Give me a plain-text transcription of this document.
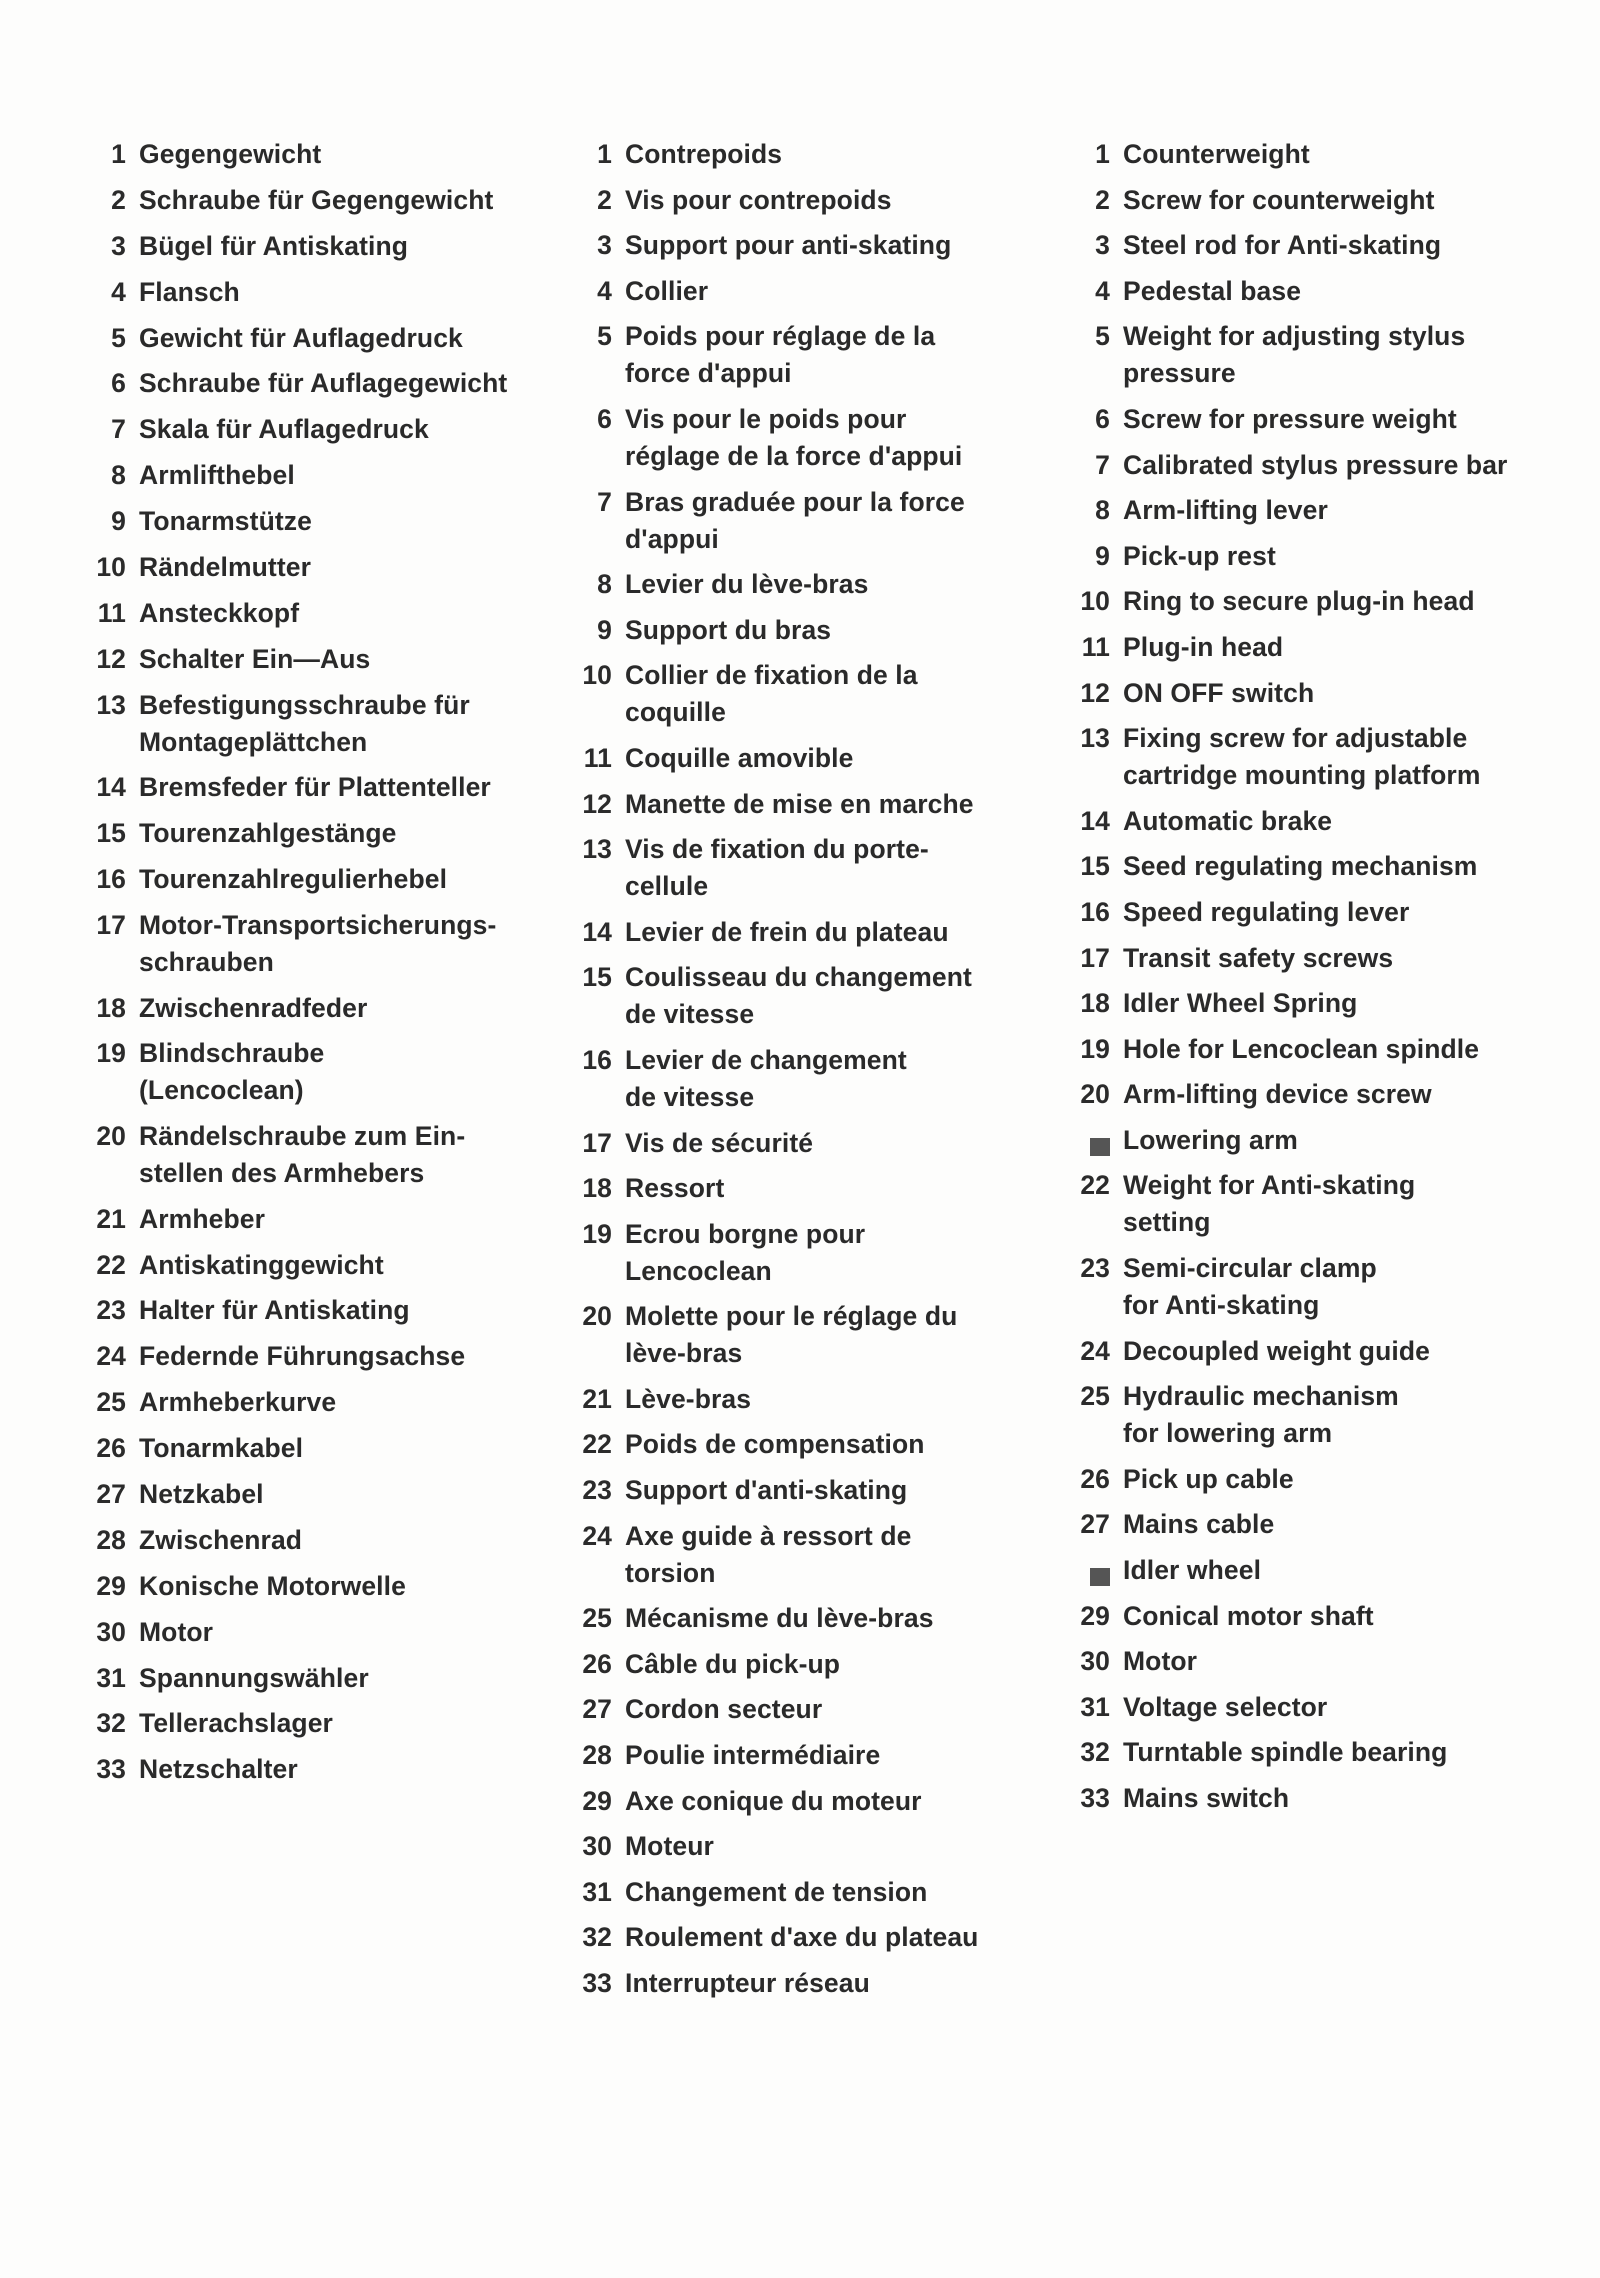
1 Gegengewicht
2 Schraube für Gegengewicht
3 Bügel für Antiskating
4 Flansch
5 Gewicht für Auflagedruck
6 Schraube für Auflagegewicht
7 Skala für Auflagedruck
8 Armlifthebel
9 Tonarmstütze
10 Rändelmutter
11 Ansteckkopf
12 Schalter Ein—Aus
13 Befestigungsschraube für
Montageplättchen
14 Bremsfeder für Plattenteller
15 Tourenzahlgestänge
16 Tourenzahlregulierhebel
17 Motor-Transportsicherungs-
schrauben
18 Zwischenradfeder
19 Blindschraube
(Lencoclean)
20 Rändelschraube zum Ein-
stellen des Armhebers
21 Armheber
22 Antiskatinggewicht
23 Halter für Antiskating
24 Federnde Führungsachse
25 Armheberkurve
26 Tonarmkabel
27 Netzkabel
28 Zwischenrad
29 Konische Motorwelle
30 Motor
31 Spannungswähler
32 Tellerachslager
33 Netzschalter
1 Contrepoids
2 Vis pour contrepoids
3 Support pour anti-skating
4 Collier
5 Poids pour réglage de la
force d'appui
6 Vis pour le poids pour
réglage de la force d'appui
7 Bras graduée pour la force
d'appui
8 Levier du lève-bras
9 Support du bras
10 Collier de fixation de la
coquille
11 Coquille amovible
12 Manette de mise en marche
13 Vis de fixation du porte-
cellule
14 Levier de frein du plateau
15 Coulisseau du changement
de vitesse
16 Levier de changement
de vitesse
17 Vis de sécurité
18 Ressort
19 Ecrou borgne pour
Lencoclean
20 Molette pour le réglage du
lève-bras
21 Lève-bras
22 Poids de compensation
23 Support d'anti-skating
24 Axe guide à ressort de
torsion
25 Mécanisme du lève-bras
26 Câble du pick-up
27 Cordon secteur
28 Poulie intermédiaire
29 Axe conique du moteur
30 Moteur
31 Changement de tension
32 Roulement d'axe du plateau
33 Interrupteur réseau
1 Counterweight
2 Screw for counterweight
3 Steel rod for Anti-skating
4 Pedestal base
5 Weight for adjusting stylus
pressure
6 Screw for pressure weight
7 Calibrated stylus pressure bar
8 Arm-lifting lever
9 Pick-up rest
10 Ring to secure plug-in head
11 Plug-in head
12 ON OFF switch
13 Fixing screw for adjustable
cartridge mounting platform
14 Automatic brake
15 Seed regulating mechanism
16 Speed regulating lever
17 Transit safety screws
18 Idler Wheel Spring
19 Hole for Lencoclean spindle
20 Arm-lifting device screw
Lowering arm
22 Weight for Anti-skating
setting
23 Semi-circular clamp
for Anti-skating
24 Decoupled weight guide
25 Hydraulic mechanism
for lowering arm
26 Pick up cable
27 Mains cable
Idler wheel
29 Conical motor shaft
30 Motor
31 Voltage selector
32 Turntable spindle bearing
33 Mains switch
